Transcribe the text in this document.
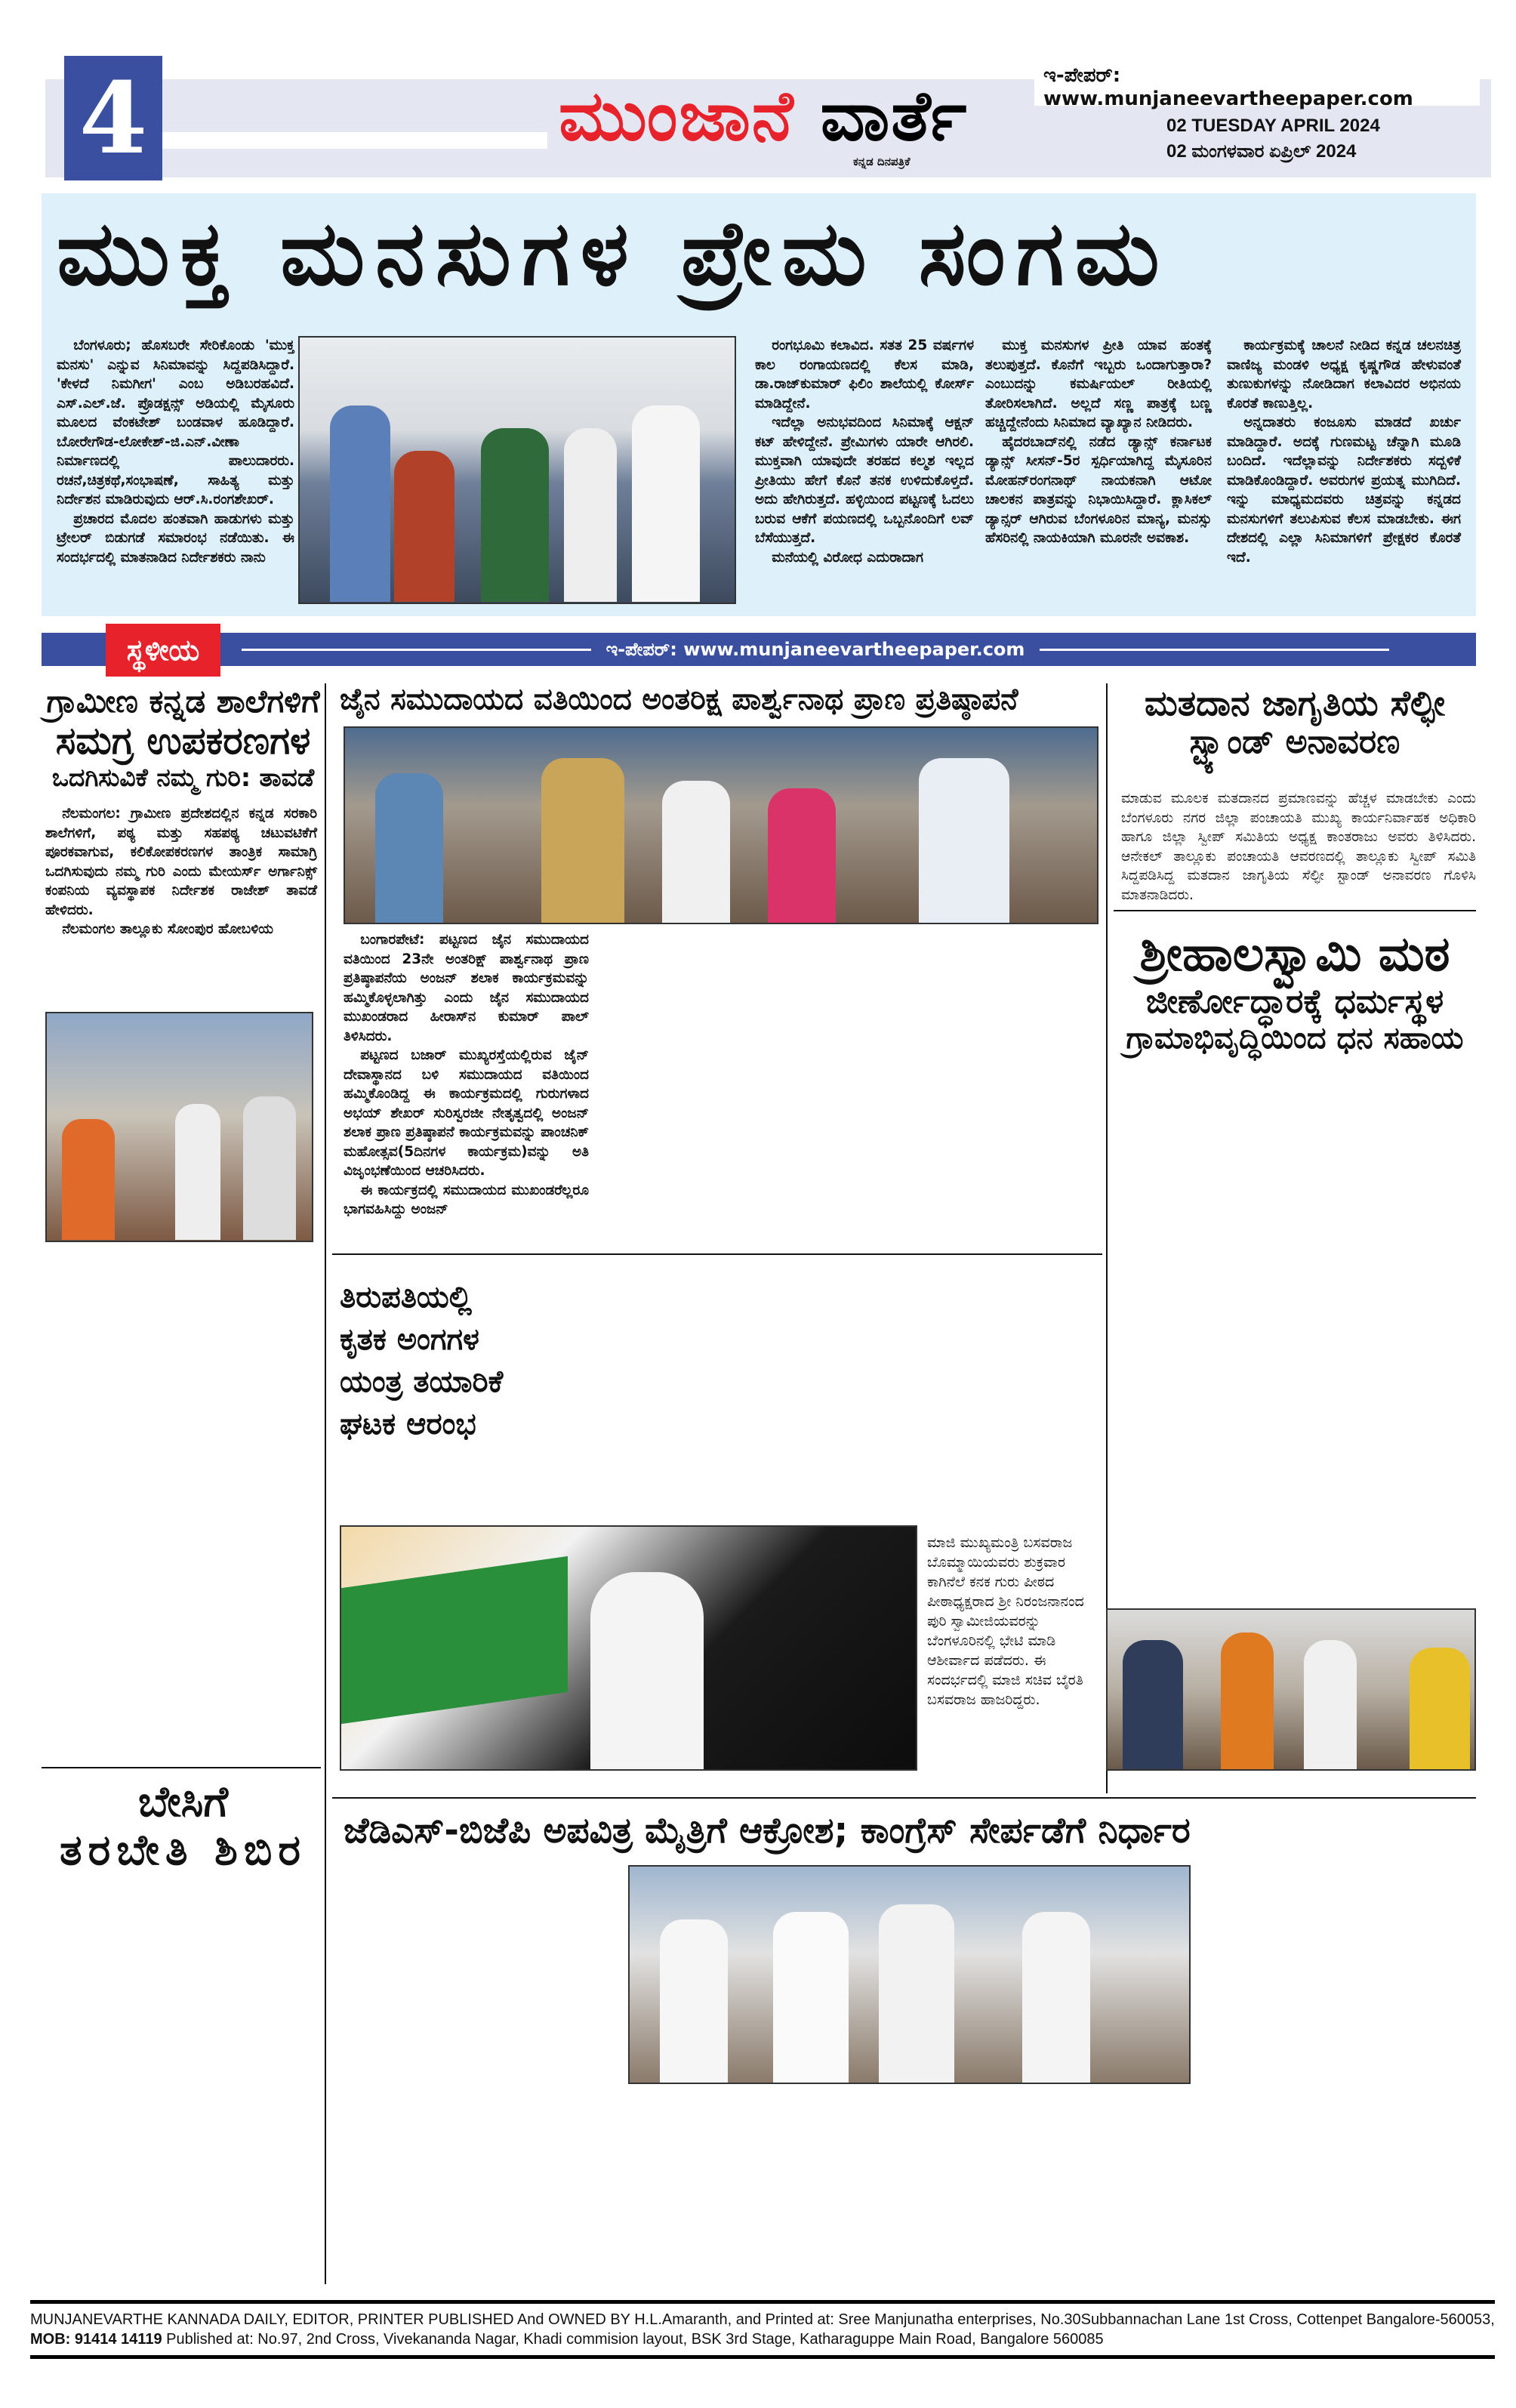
4	ಮುಂಜಾನೆ ವಾರ್ತೆ
ಕನ್ನಡ ದಿನಪತ್ರಿಕೆ
ಇ-ಪೇಪರ್: www.munjaneevartheepaper.com
02 TUESDAY APRIL 2024
02 ಮಂಗಳವಾರ ಏಪ್ರಿಲ್ 2024
ಮುಕ್ತ ಮನಸುಗಳ ಪ್ರೇಮ ಸಂಗಮ

ಬೆಂಗಳೂರು; ಹೊಸಬರೇ ಸೇರಿಕೊಂಡು 'ಮುಕ್ತ ಮನಸು' ಎನ್ನುವ ಸಿನಿಮಾವನ್ನು ಸಿದ್ದಪಡಿಸಿದ್ದಾರೆ. 'ಕೇಳದೆ ನಿಮಗೀಗ' ಎಂಬ ಅಡಿಬರಹವಿದೆ. ಎಸ್.ಎಲ್.ಜೆ. ಪ್ರೊಡಕ್ಷನ್ಸ್ ಅಡಿಯಲ್ಲಿ ಮೈಸೂರು ಮೂಲದ ವೆಂಕಟೇಶ್ ಬಂಡವಾಳ ಹೂಡಿದ್ದಾರೆ. ಬೋರೇಗೌಡ-ಲೋಕೇಶ್-ಜಿ.ಎನ್.ವೀಣಾ ನಿರ್ಮಾಣದಲ್ಲಿ ಪಾಲುದಾರರು. ರಚನೆ,ಚಿತ್ರಕಥೆ,ಸಂಭಾಷಣೆ, ಸಾಹಿತ್ಯ ಮತ್ತು ನಿರ್ದೇಶನ ಮಾಡಿರುವುದು ಆರ್.ಸಿ.ರಂಗಶೇಖರ್.

ಪ್ರಚಾರದ ಮೊದಲ ಹಂತವಾಗಿ ಹಾಡುಗಳು ಮತ್ತು ಟ್ರೇಲರ್ ಬಿಡುಗಡೆ ಸಮಾರಂಭ ನಡೆಯಿತು. ಈ ಸಂದರ್ಭದಲ್ಲಿ ಮಾತನಾಡಿದ ನಿರ್ದೇಶಕರು ನಾನು

ರಂಗಭೂಮಿ ಕಲಾವಿದ. ಸತತ 25 ವರ್ಷಗಳ ಕಾಲ ರಂಗಾಯಣದಲ್ಲಿ ಕೆಲಸ ಮಾಡಿ, ಡಾ.ರಾಜ್‌ಕುಮಾರ್ ಫಿಲಿಂ ಶಾಲೆಯಲ್ಲಿ ಕೋರ್ಸ್ ಮಾಡಿದ್ದೇನೆ.

ಇದೆಲ್ಲಾ ಅನುಭವದಿಂದ ಸಿನಿಮಾಕ್ಕೆ ಆಕ್ಷನ್ ಕಟ್ ಹೇಳಿದ್ದೇನೆ. ಪ್ರೇಮಿಗಳು ಯಾರೇ ಆಗಿರಲಿ. ಮುಕ್ತವಾಗಿ ಯಾವುದೇ ತರಹದ ಕಲ್ಮಶ ಇಲ್ಲದ ಪ್ರೀತಿಯು ಹೇಗೆ ಕೊನೆ ತನಕ ಉಳಿದುಕೊಳ್ತದೆ. ಅದು ಹೇಗಿರುತ್ತದೆ. ಹಳ್ಳಿಯಿಂದ ಪಟ್ಟಣಕ್ಕೆ ಓದಲು ಬರುವ ಆಕೆಗೆ ಪಯಣದಲ್ಲಿ ಒಬ್ಬನೊಂದಿಗೆ ಲವ್ ಬೆಸೆಯುತ್ತದೆ.

ಮನೆಯಲ್ಲಿ ವಿರೋಧ ಎದುರಾದಾಗ

ಮುಕ್ತ ಮನಸುಗಳ ಪ್ರೀತಿ ಯಾವ ಹಂತಕ್ಕೆ ತಲುಪುತ್ತದೆ. ಕೊನೆಗೆ ಇಬ್ಬರು ಒಂದಾಗುತ್ತಾರಾ? ಎಂಬುದನ್ನು ಕಮರ್ಷಿಯಲ್ ರೀತಿಯಲ್ಲಿ ತೋರಿಸಲಾಗಿದೆ. ಅಲ್ಲದೆ ಸಣ್ಣ ಪಾತ್ರಕ್ಕೆ ಬಣ್ಣ ಹಚ್ಚಿದ್ದೇನೆಂದು ಸಿನಿಮಾದ ವ್ಯಾಖ್ಯಾನ ನೀಡಿದರು.

ಹೈದರಬಾದ್‌ನಲ್ಲಿ ನಡೆದ ಡ್ಯಾನ್ಸ್ ಕರ್ನಾಟಕ ಡ್ಯಾನ್ಸ್ ಸೀಸನ್-5ರ ಸ್ಪರ್ಧಿಯಾಗಿದ್ದ ಮೈಸೂರಿನ ಮೋಹನ್‌ರಂಗನಾಥ್ ನಾಯಕನಾಗಿ ಆಟೋ ಚಾಲಕನ ಪಾತ್ರವನ್ನು ನಿಭಾಯಿಸಿದ್ದಾರೆ. ಕ್ಲಾಸಿಕಲ್ ಡ್ಯಾನ್ಸರ್ ಆಗಿರುವ ಬೆಂಗಳೂರಿನ ಮಾನ್ಯ, ಮನಸ್ಸು ಹೆಸರಿನಲ್ಲಿ ನಾಯಕಿಯಾಗಿ ಮೂರನೇ ಅವಕಾಶ.

ಕಾರ್ಯಕ್ರಮಕ್ಕೆ ಚಾಲನೆ ನೀಡಿದ ಕನ್ನಡ ಚಲನಚಿತ್ರ ವಾಣಿಜ್ಯ ಮಂಡಳಿ ಅಧ್ಯಕ್ಷ ಕೃಷ್ಣಗೌಡ ಹೇಳುವಂತೆ ತುಣುಕುಗಳನ್ನು ನೋಡಿದಾಗ ಕಲಾವಿದರ ಅಭಿನಯ ಕೊರತೆ ಕಾಣುತ್ತಿಲ್ಲ.

ಅನ್ನದಾತರು ಕಂಜೂಸು ಮಾಡದೆ ಖರ್ಚು ಮಾಡಿದ್ದಾರೆ. ಅದಕ್ಕೆ ಗುಣಮಟ್ಟ ಚೆನ್ನಾಗಿ ಮೂಡಿ ಬಂದಿದೆ. ಇದೆಲ್ಲಾವನ್ನು ನಿರ್ದೇಶಕರು ಸದ್ಬಳಿಕೆ ಮಾಡಿಕೊಂಡಿದ್ದಾರೆ. ಅವರುಗಳ ಪ್ರಯತ್ನ ಮುಗಿದಿದೆ. ಇನ್ನು ಮಾಧ್ಯಮದವರು ಚಿತ್ರವನ್ನು ಕನ್ನಡದ ಮನಸುಗಳಿಗೆ ತಲುಪಿಸುವ ಕೆಲಸ ಮಾಡಬೇಕು. ಈಗ ದೇಶದಲ್ಲಿ ಎಲ್ಲಾ ಸಿನಿಮಾಗಳಿಗೆ ಪ್ರೇಕ್ಷಕರ ಕೊರತೆ ಇದೆ.

ಇ-ಪೇಪರ್: www.munjaneevartheepaper.com
ಸ್ಥಳೀಯ
ಗ್ರಾಮೀಣ ಕನ್ನಡ ಶಾಲೆಗಳಿಗೆ
ಸಮಗ್ರ ಉಪಕರಣಗಳ
ಒದಗಿಸುವಿಕೆ ನಮ್ಮ ಗುರಿ: ತಾವಡೆ

ನೆಲಮಂಗಲ: ಗ್ರಾಮೀಣ ಪ್ರದೇಶದಲ್ಲಿನ ಕನ್ನಡ ಸರಕಾರಿ ಶಾಲೆಗಳಿಗೆ, ಪಠ್ಯ ಮತ್ತು ಸಹಪಠ್ಯ ಚಟುವಟಿಕೆಗೆ ಪೂರಕವಾಗುವ, ಕಲಿಕೋಪಕರಣಗಳ ತಾಂತ್ರಿಕ ಸಾಮಾಗ್ರಿ ಒದಗಿಸುವುದು ನಮ್ಮ ಗುರಿ ಎಂದು ಮೇಯರ್ಸ್ ಅರ್ಗಾನಿಕ್ಸ್ ಕಂಪನಿಯ ವ್ಯವಸ್ಥಾಪಕ ನಿರ್ದೇಶಕ ರಾಜೇಶ್ ತಾವಡೆ ಹೇಳಿದರು.

ನೆಲಮಂಗಲ ತಾಲ್ಲೂಕು ಸೋಂಪುರ ಹೋಬಳಿಯ

ಬೇಸಿಗೆ
ತರಬೇತಿ ಶಿಬಿರ
ಜೈನ ಸಮುದಾಯದ ವತಿಯಿಂದ ಅಂತರಿಕ್ಷ ಪಾರ್ಶ್ವನಾಥ ಪ್ರಾಣ ಪ್ರತಿಷ್ಠಾಪನೆ

ಬಂಗಾರಪೇಟೆ: ಪಟ್ಟಣದ ಜೈನ ಸಮುದಾಯದ ವತಿಯಿಂದ 23ನೇ ಅಂತರಿಕ್ಷ್ ಪಾರ್ಶ್ವನಾಥ ಪ್ರಾಣ ಪ್ರತಿಷ್ಠಾಪನೆಯ ಅಂಜನ್ ಶಲಾಕ ಕಾರ್ಯಕ್ರಮವನ್ನು ಹಮ್ಮಿಕೊಳ್ಳಲಾಗಿತ್ತು ಎಂದು ಜೈನ ಸಮುದಾಯದ ಮುಖಂಡರಾದ ಹೀರಾಸ್‌ನ ಕುಮಾರ್ ಪಾಲ್ ತಿಳಿಸಿದರು.

ಪಟ್ಟಣದ ಬಜಾರ್ ಮುಖ್ಯರಸ್ತೆಯಲ್ಲಿರುವ ಜೈನ್ ದೇವಾಸ್ಥಾನದ ಬಳಿ ಸಮುದಾಯದ ವತಿಯಿಂದ ಹಮ್ಮಿಕೊಂಡಿದ್ದ ಈ ಕಾರ್ಯಕ್ರಮದಲ್ಲಿ ಗುರುಗಳಾದ ಅಭಯ್ ಶೇಖರ್ ಸುರಿಸ್ವರಜೀ ನೇತೃತ್ವದಲ್ಲಿ ಅಂಜನ್ ಶಲಾಕ ಪ್ರಾಣ ಪ್ರತಿಷ್ಠಾಪನೆ ಕಾರ್ಯಕ್ರಮವನ್ನು ಪಾಂಚನಿಕ್ ಮಹೋತ್ಸವ(5ದಿನಗಳ ಕಾರ್ಯಕ್ರಮ)ವನ್ನು ಅತಿ ವಿಜೃಂಭಣೆಯಿಂದ ಆಚರಿಸಿದರು.

ಈ ಕಾರ್ಯಕ್ರದಲ್ಲಿ ಸಮುದಾಯದ ಮುಖಂಡರೆಲ್ಲರೂ ಭಾಗವಹಿಸಿದ್ದು ಅಂಜನ್

ತಿರುಪತಿಯಲ್ಲಿ ಕೃತಕ ಅಂಗಗಳ ಯಂತ್ರ ತಯಾರಿಕೆ ಘಟಕ ಆರಂಭ
ಮಾಜಿ ಮುಖ್ಯಮಂತ್ರಿ ಬಸವರಾಜ ಬೊಮ್ಮಾಯಿಯವರು ಶುಕ್ರವಾರ ಕಾಗಿನೆಲೆ ಕನಕ ಗುರು ಪೀಠದ ಪೀಠಾಧ್ಯಕ್ಷರಾದ ಶ್ರೀ ನಿರಂಜನಾನಂದ ಪುರಿ ಸ್ವಾಮೀಜಿಯವರನ್ನು ಬೆಂಗಳೂರಿನಲ್ಲಿ ಭೇಟಿ ಮಾಡಿ ಆಶೀರ್ವಾದ ಪಡೆದರು. ಈ ಸಂದರ್ಭದಲ್ಲಿ ಮಾಜಿ ಸಚಿವ ಬೈರತಿ ಬಸವರಾಜ ಹಾಜರಿದ್ದರು.
ಜೆಡಿಎಸ್-ಬಿಜೆಪಿ ಅಪವಿತ್ರ ಮೈತ್ರಿಗೆ ಆಕ್ರೋಶ; ಕಾಂಗ್ರೆಸ್ ಸೇರ್ಪಡೆಗೆ ನಿರ್ಧಾರ
ಮತದಾನ ಜಾಗೃತಿಯ ಸೆಲ್ಫೀ
ಸ್ಟ್ಯಾಂಡ್ ಅನಾವರಣ
ಮಾಡುವ ಮೂಲಕ ಮತದಾನದ ಪ್ರಮಾಣವನ್ನು ಹೆಚ್ಚಳ ಮಾಡಬೇಕು ಎಂದು ಬೆಂಗಳೂರು ನಗರ ಜಿಲ್ಲಾ ಪಂಚಾಯತಿ ಮುಖ್ಯ ಕಾರ್ಯನಿರ್ವಾಹಕ ಅಧಿಕಾರಿ ಹಾಗೂ ಜಿಲ್ಲಾ ಸ್ವೀಪ್ ಸಮಿತಿಯ ಅಧ್ಯಕ್ಷ ಕಾಂತರಾಜು ಅವರು ತಿಳಿಸಿದರು. ಆನೇಕಲ್ ತಾಲ್ಲೂಕು ಪಂಚಾಯತಿ ಆವರಣದಲ್ಲಿ ತಾಲ್ಲೂಕು ಸ್ವೀಪ್ ಸಮಿತಿ ಸಿದ್ದಪಡಿಸಿದ್ದ ಮತದಾನ ಜಾಗೃತಿಯ ಸೆಲ್ಫೀ ಸ್ಟಾಂಡ್ ಅನಾವರಣ ಗೊಳಿಸಿ ಮಾತನಾಡಿದರು.
ಶ್ರೀಹಾಲಸ್ವಾಮಿ ಮಠ
ಜೀರ್ಣೋದ್ಧಾರಕ್ಕೆ ಧರ್ಮಸ್ಥಳ
ಗ್ರಾಮಾಭಿವೃದ್ಧಿಯಿಂದ ಧನ ಸಹಾಯ
MUNJANEVARTHE KANNADA DAILY, EDITOR, PRINTER PUBLISHED And OWNED BY H.L.Amaranth, and Printed at: Sree Manjunatha enterprises, No.30Subbannachan Lane 1st Cross, Cottenpet Bangalore-560053,
MOB: 91414 14119 Published at: No.97, 2nd Cross, Vivekananda Nagar, Khadi commision layout, BSK 3rd Stage, Katharaguppe Main Road, Bangalore 560085
